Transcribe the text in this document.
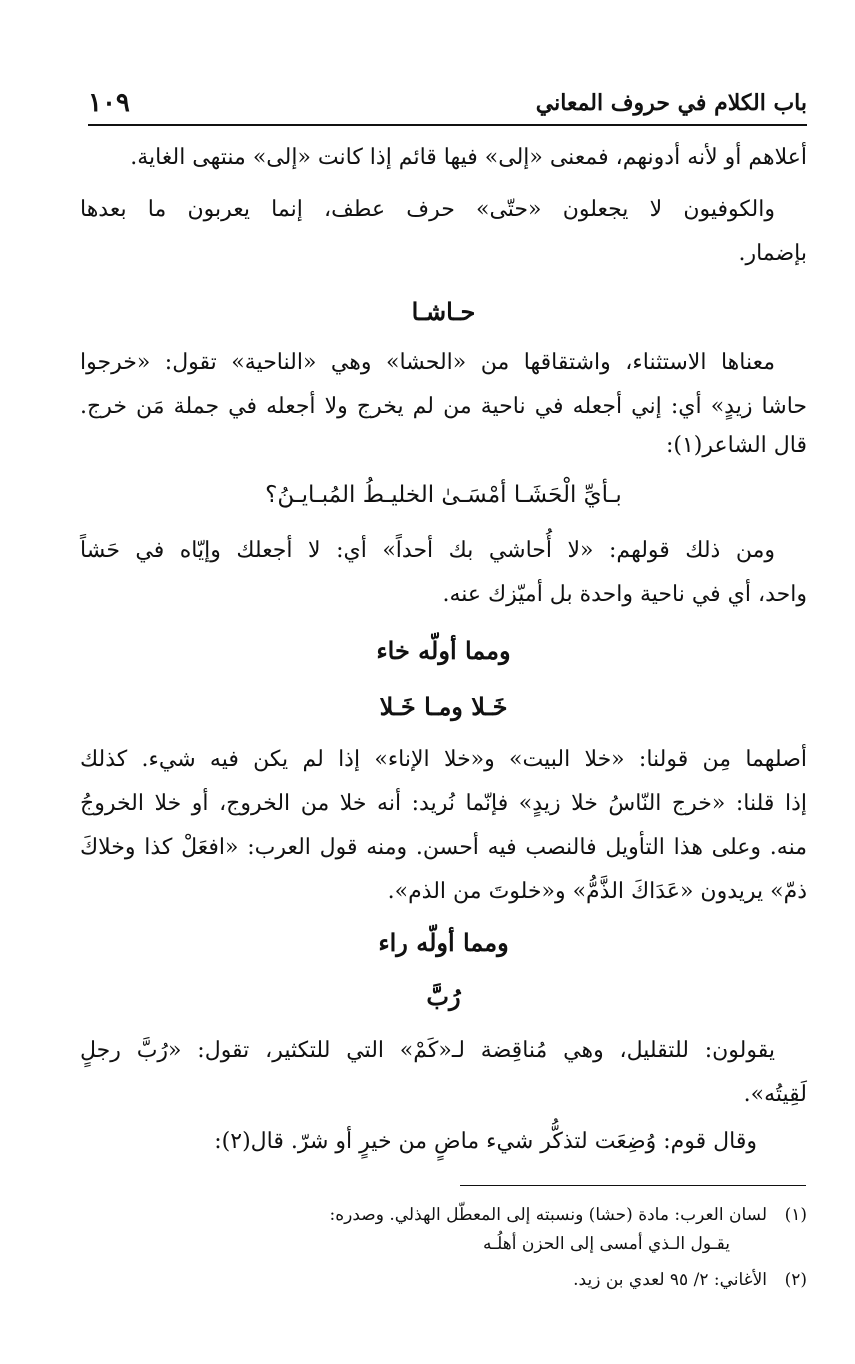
باب الكلام في حروف المعاني
١٠٩
أعلاهم أو لأنه أدونهم، فمعنى «إلى» فيها قائم إذا كانت «إلى» منتهى الغاية.
والكوفيون لا يجعلون «حتّى» حرف عطف، إنما يعربون ما بعدها
بإضمار.
حـاشـا
معناها الاستثناء، واشتقاقها من «الحشا» وهي «الناحية» تقول: «خرجوا
حاشا زيدٍ» أي: إني أجعله في ناحية من لم يخرج ولا أجعله في جملة مَن خرج.
قال الشاعر(١):
بـأيِّ الْحَشَـا أمْسَـىٰ الخليـطُ المُبـايـنُ؟
ومن ذلك قولهم: «لا أُحاشي بك أحداً» أي: لا أجعلك وإيّاه في حَشاً
واحد، أي في ناحية واحدة بل أميّزك عنه.
ومما أولّه خاء
خَـلا ومـا خَـلا
أصلهما مِن قولنا: «خلا البيت» و«خلا الإناء» إذا لم يكن فيه شيء. كذلك
إذا قلنا: «خرج النّاسُ خلا زيدٍ» فإنّما نُريد: أنه خلا من الخروج، أو خلا الخروجُ
منه. وعلى هذا التأويل فالنصب فيه أحسن. ومنه قول العرب: «افعَلْ كذا وخلاكَ
ذمّ» يريدون «عَدَاكَ الذَّمُّ» و«خلوتَ من الذم».
ومما أولّه راء
رُبَّ
يقولون: للتقليل، وهي مُناقِضة لـ«كَمْ» التي للتكثير، تقول: «رُبَّ رجلٍ
لَقِيتُه».
وقال قوم: وُضِعَت لتذكُّر شيء ماضٍ من خيرٍ أو شرّ. قال(٢):
(١)لسان العرب: مادة (حشا) ونسبته إلى المعطّل الهذلي. وصدره:
يقـول الـذي أمسى إلى الحزن أهلُـه
(٢)الأغاني: ٢/ ٩٥ لعدي بن زيد.
